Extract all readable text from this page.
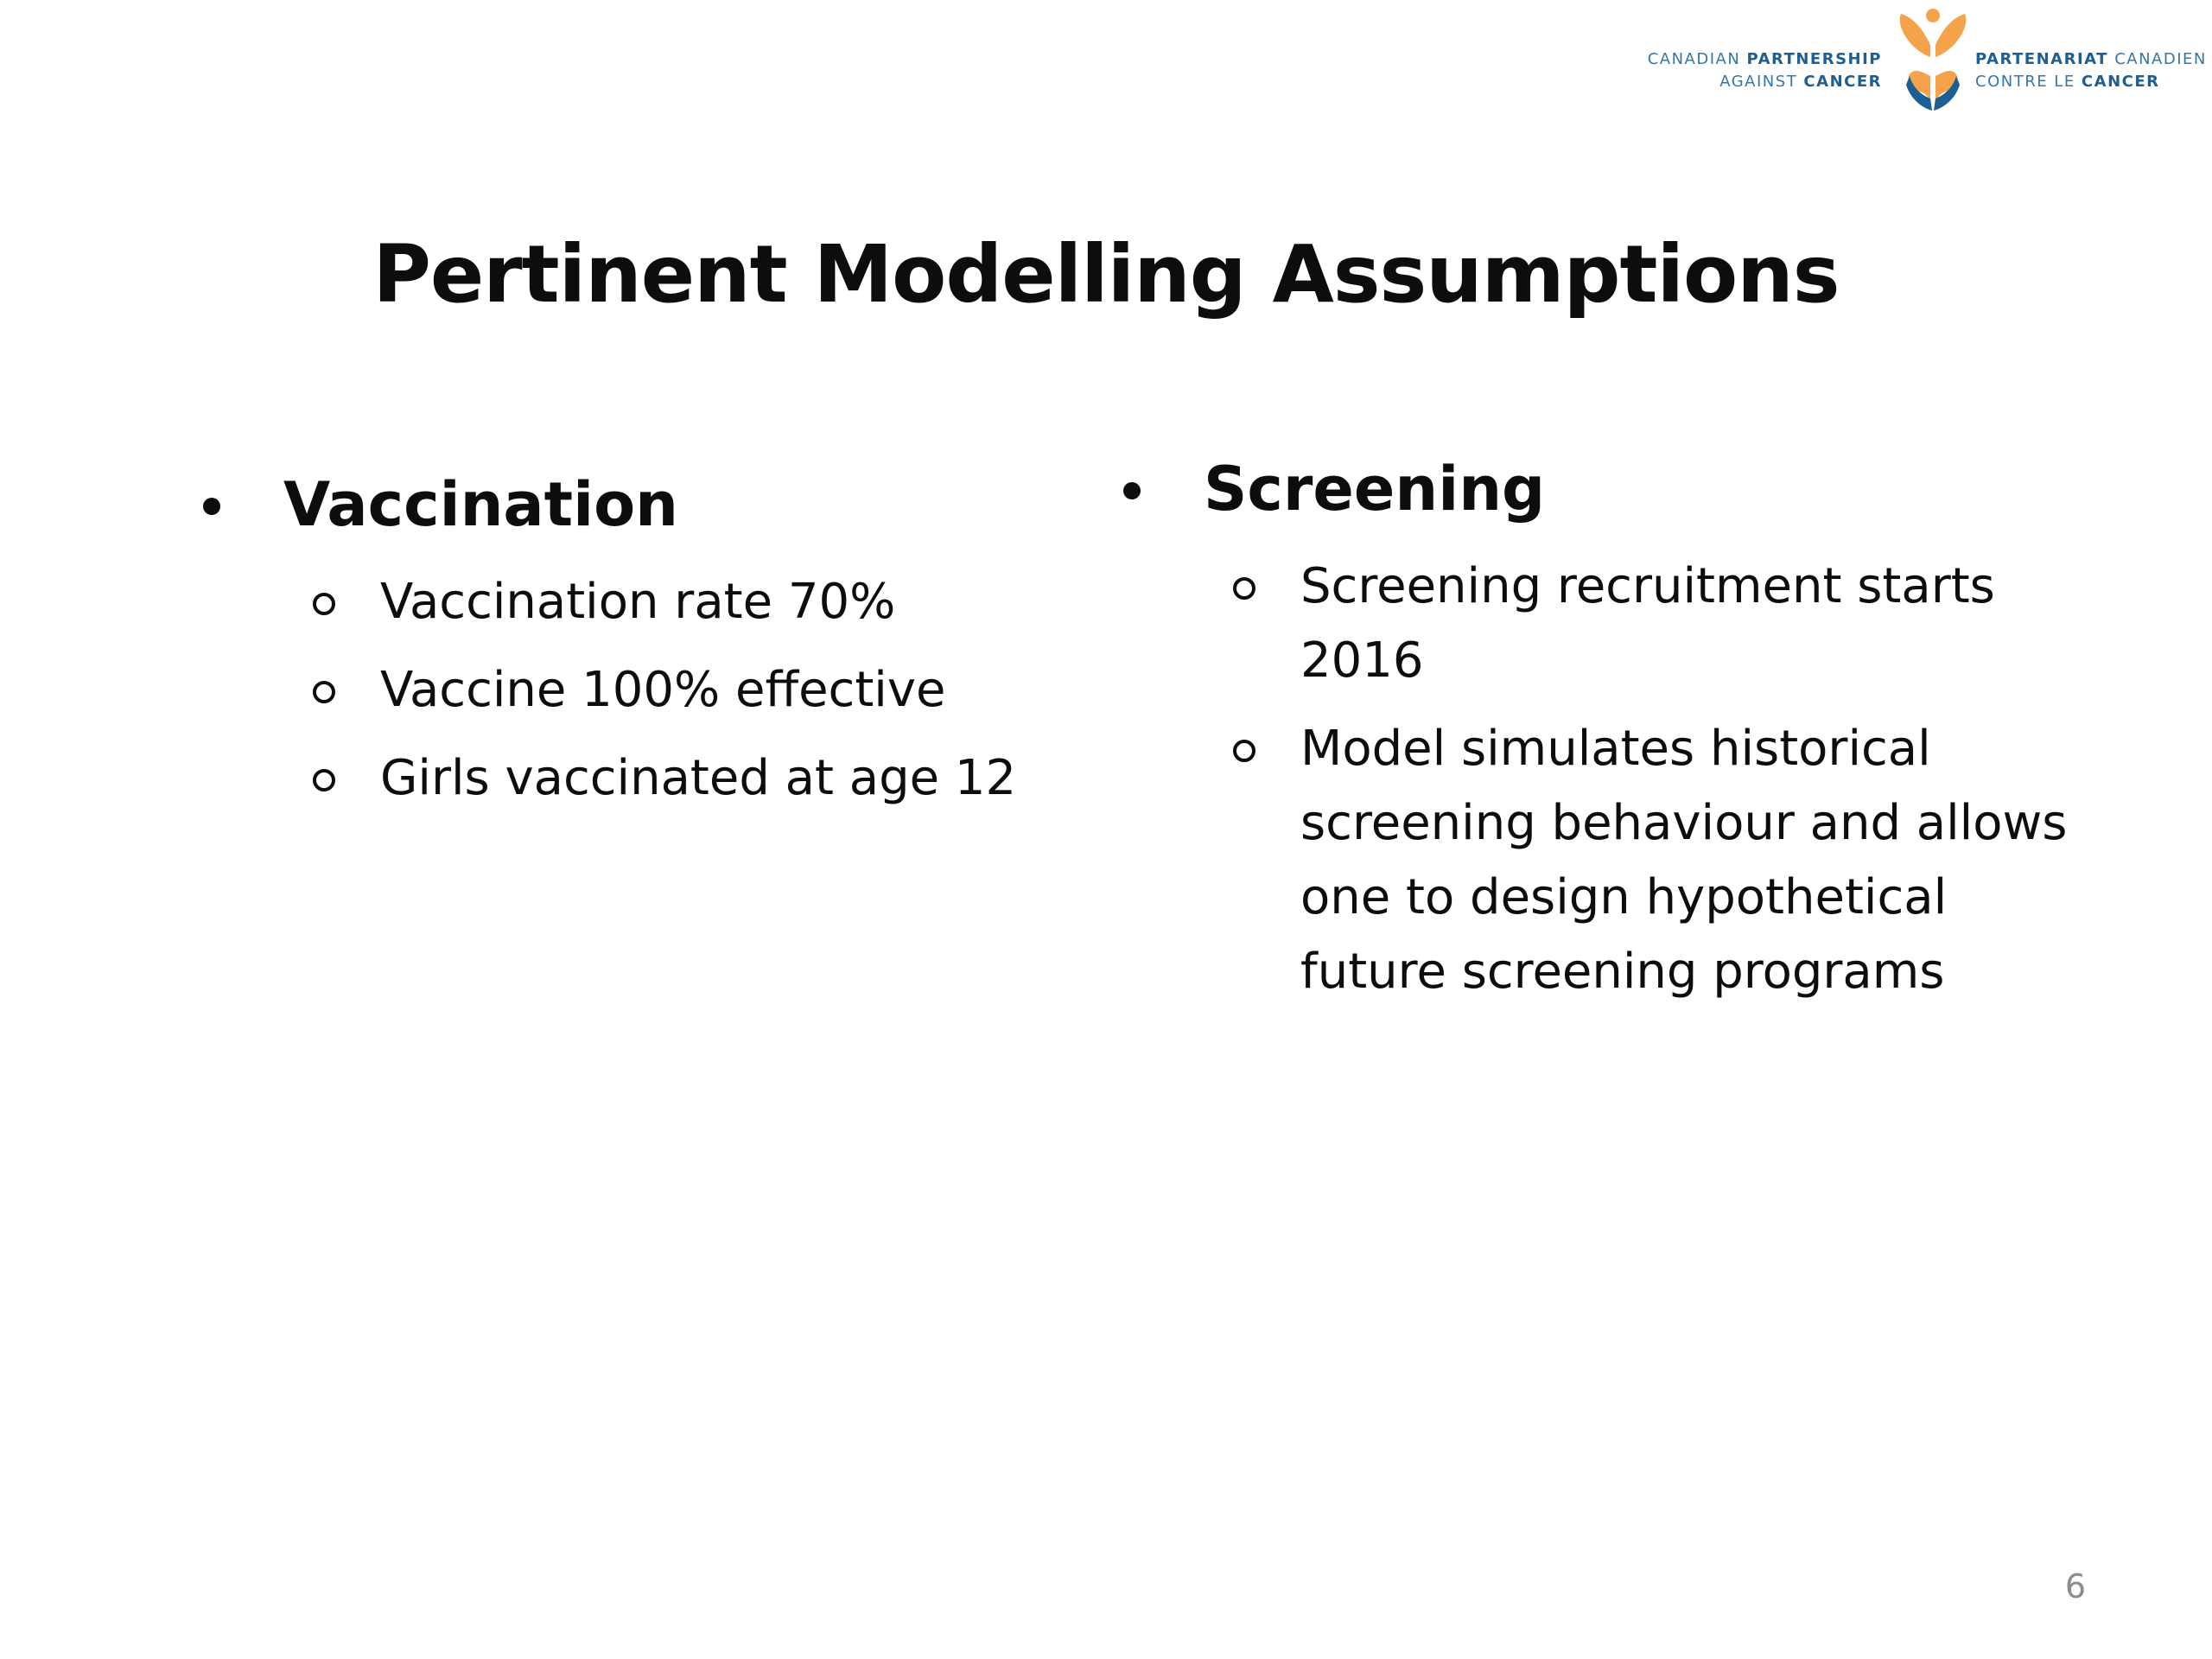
CANADIAN PARTNERSHIP
AGAINST CANCER
PARTENARIAT CANADIEN
CONTRE LE CANCER
Pertinent Modelling Assumptions
Vaccination
Vaccination rate 70%
Vaccine 100% effective
Girls vaccinated at age 12
Screening
Screening recruitment starts 2016
Model simulates historical screening behaviour and allows one to design hypothetical future screening programs
6
